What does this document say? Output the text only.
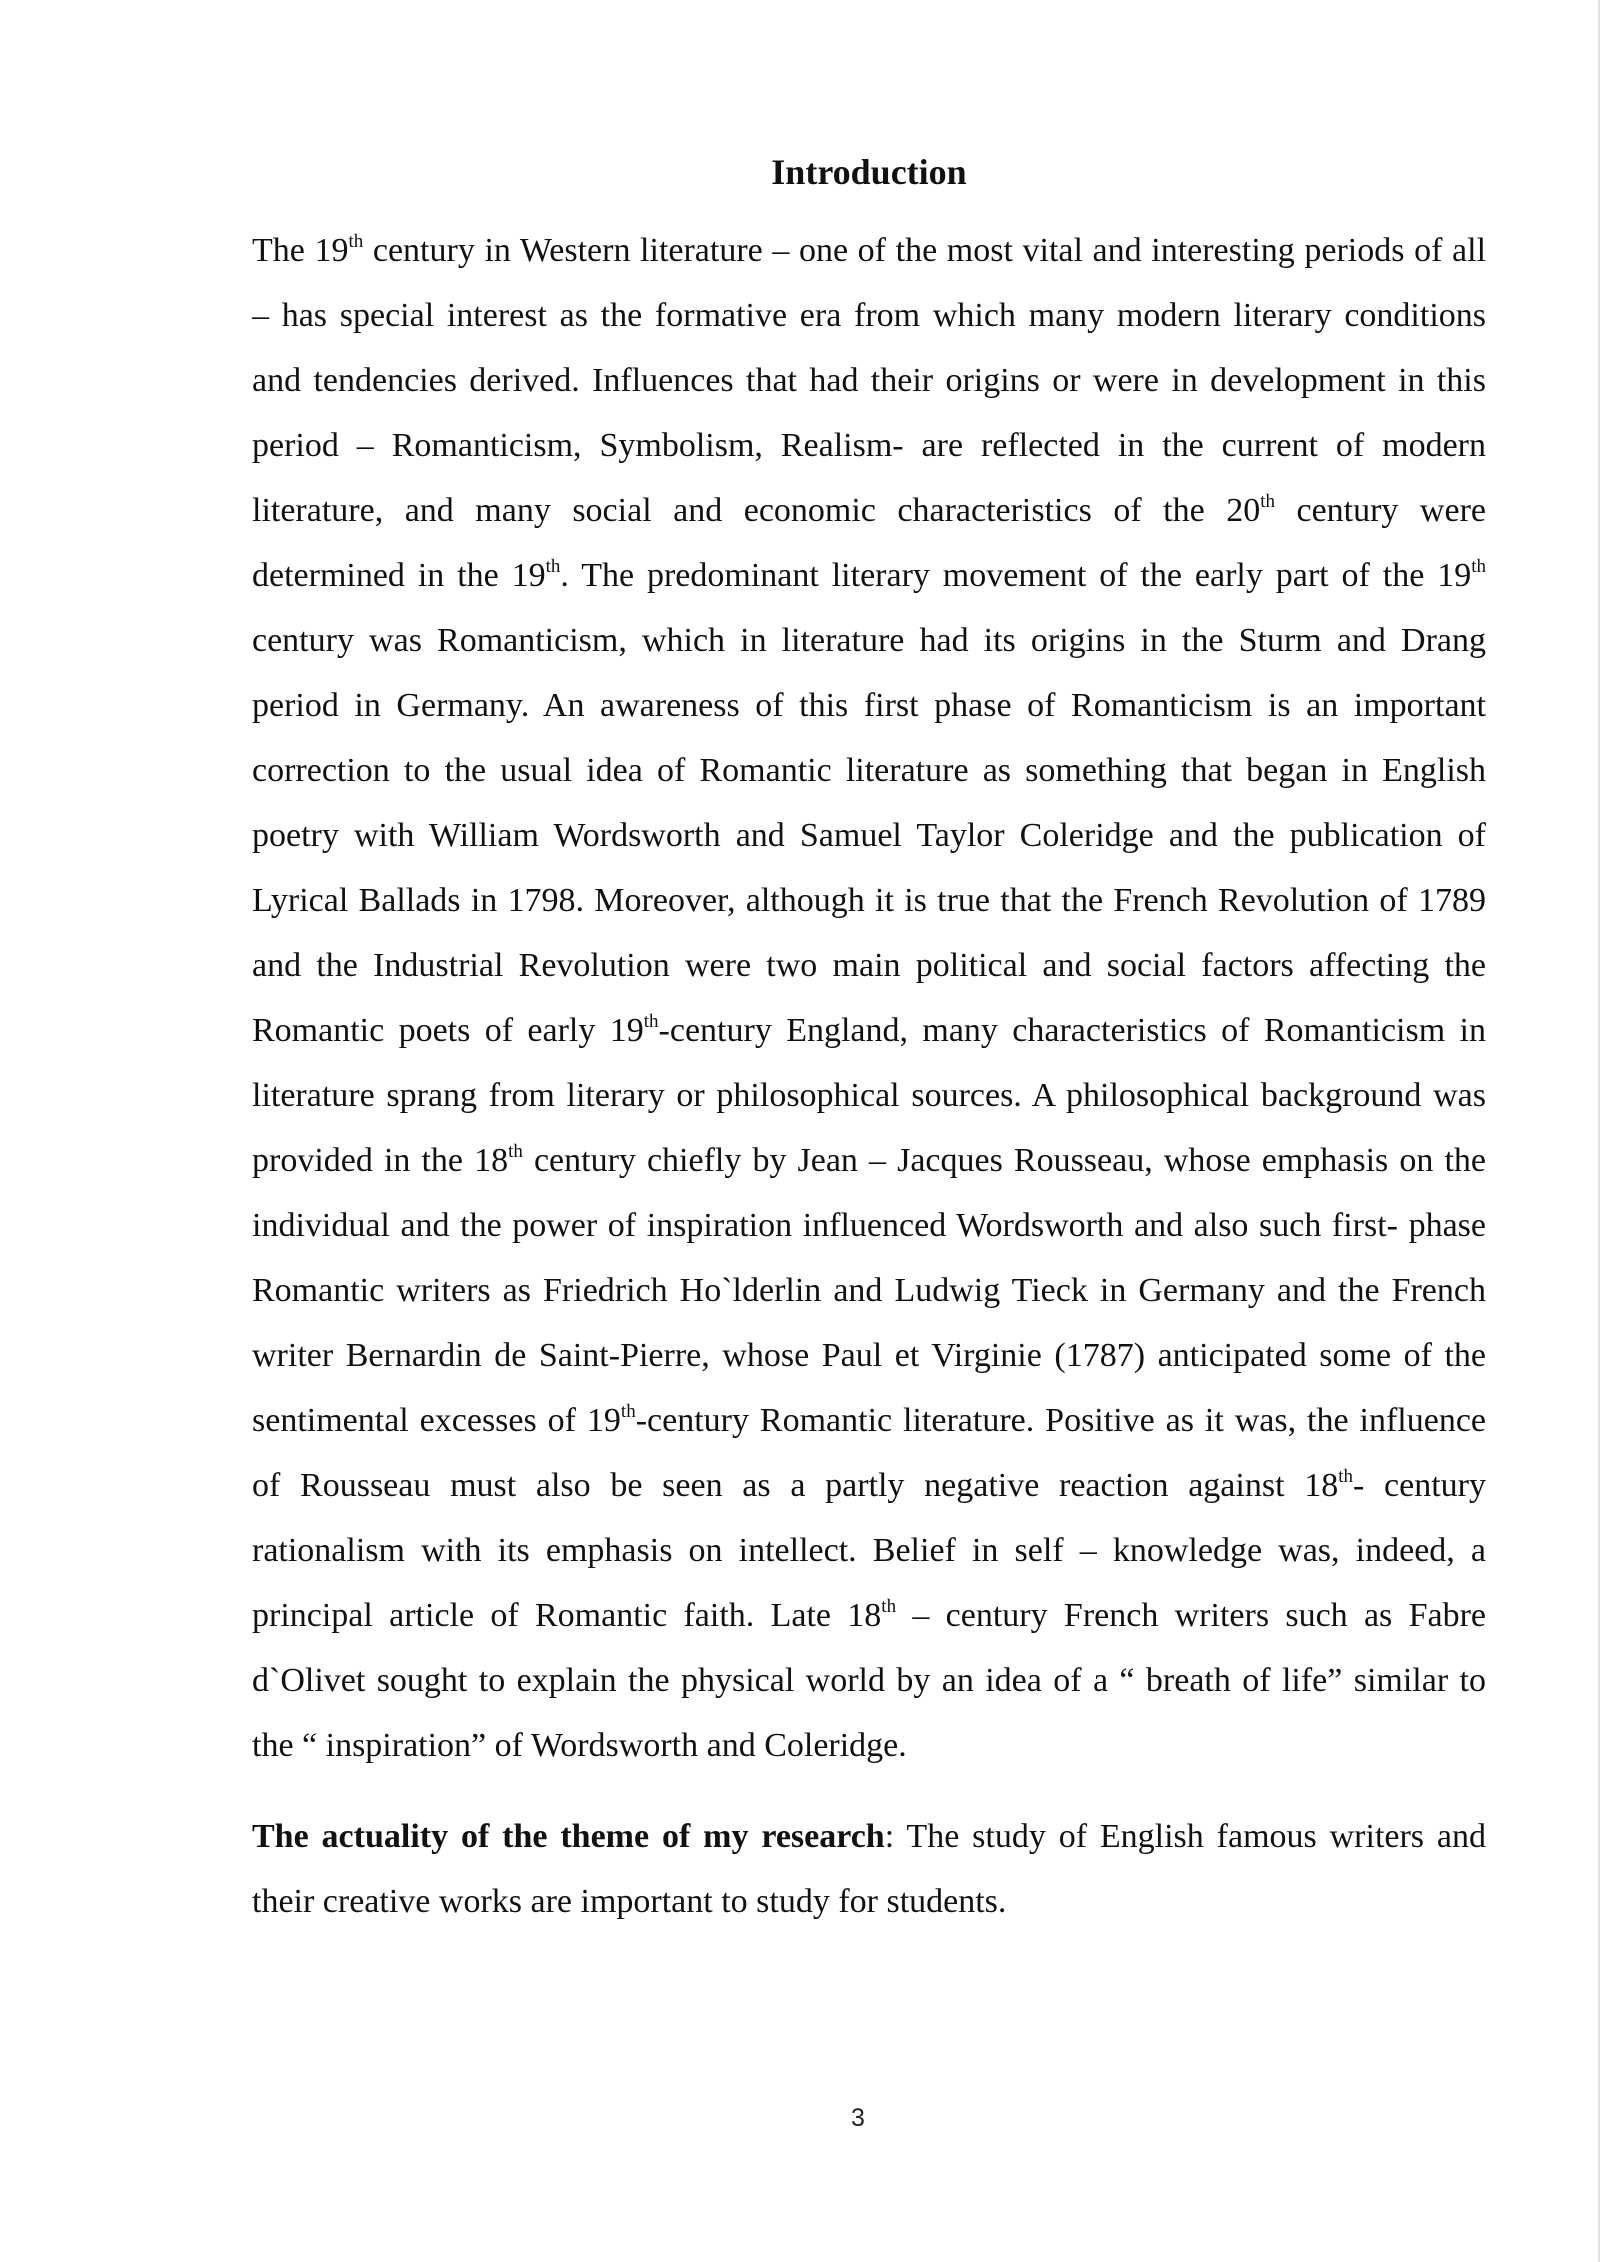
Introduction

The 19th century in Western literature – one of the most vital and interesting periods of all – has special interest as the formative era from which many modern literary conditions and tendencies derived. Influences that had their origins or were in development in this period – Romanticism, Symbolism, Realism- are reflected in the current of modern literature, and many social and economic characteristics of the 20th century were determined in the 19th. The predominant literary movement of the early part of the 19th century was Romanticism, which in literature had its origins in the Sturm and Drang period in Germany. An awareness of this first phase of Romanticism is an important correction to the usual idea of Romantic literature as something that began in English poetry with William Wordsworth and Samuel Taylor Coleridge and the publication of Lyrical Ballads in 1798. Moreover, although it is true that the French Revolution of 1789 and the Industrial Revolution were two main political and social factors affecting the Romantic poets of early 19th-century England, many characteristics of Romanticism in literature sprang from literary or philosophical sources. A philosophical background was provided in the 18th century chiefly by Jean – Jacques Rousseau, whose emphasis on the individual and the power of inspiration influenced Wordsworth and also such first- phase Romantic writers as Friedrich Ho`lderlin and Ludwig Tieck in Germany and the French writer Bernardin de Saint-Pierre, whose Paul et Virginie (1787) anticipated some of the sentimental excesses of 19th-century Romantic literature. Positive as it was, the influence of Rousseau must also be seen as a partly negative reaction against 18th- century rationalism with its emphasis on intellect. Belief in self – knowledge was, indeed, a principal article of Romantic faith. Late 18th – century French writers such as Fabre d`Olivet sought to explain the physical world by an idea of a “ breath of life” similar to the “ inspiration” of Wordsworth and Coleridge.

The actuality of the theme of my research: The study of English famous writers and their creative works are important to study for students.

3
